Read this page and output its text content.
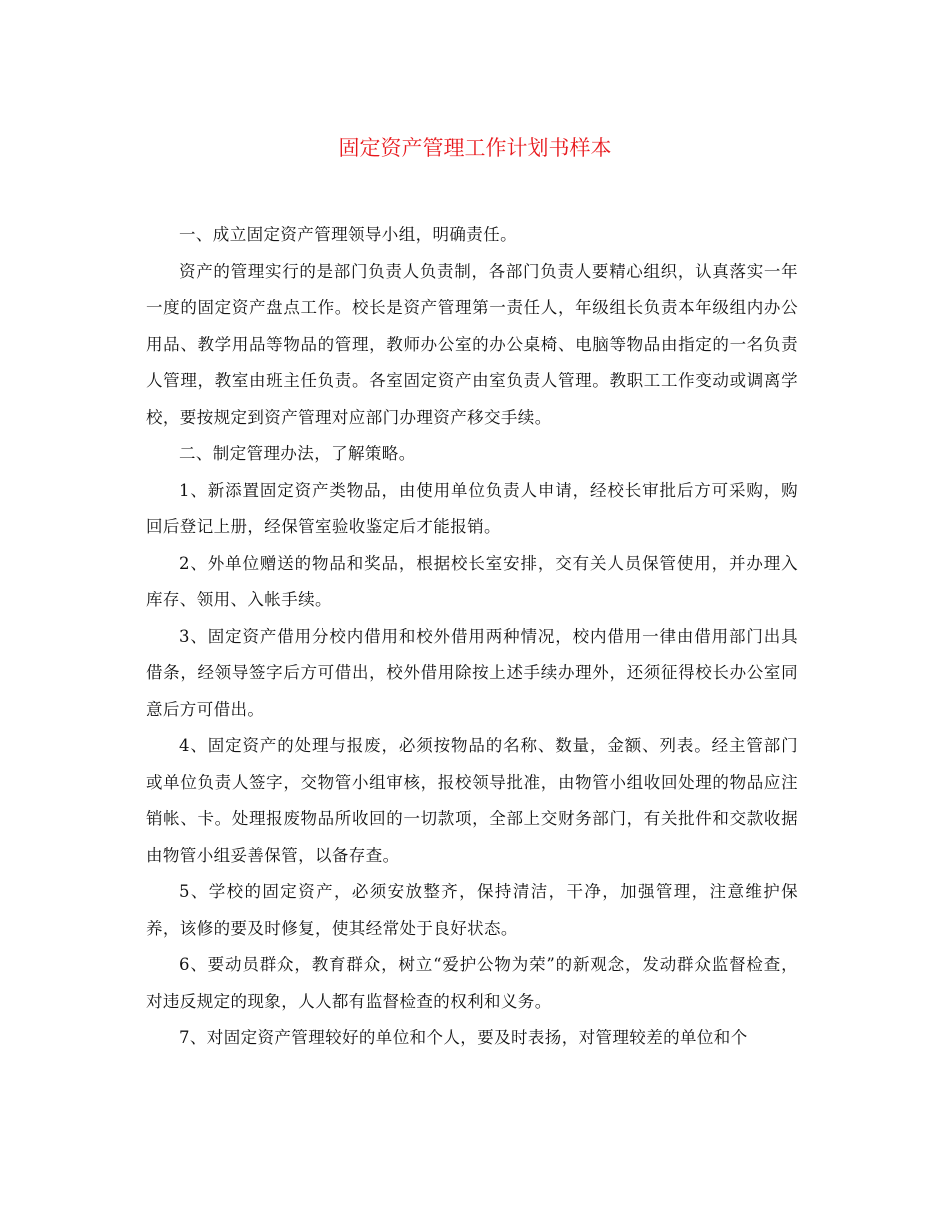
固定资产管理工作计划书样本

一、成立固定资产管理领导小组，明确责任。

资产的管理实行的是部门负责人负责制，各部门负责人要精心组织，认真落实一年一度的固定资产盘点工作。校长是资产管理第一责任人，年级组长负责本年级组内办公用品、教学用品等物品的管理，教师办公室的办公桌椅、电脑等物品由指定的一名负责人管理，教室由班主任负责。各室固定资产由室负责人管理。教职工工作变动或调离学校，要按规定到资产管理对应部门办理资产移交手续。

二、制定管理办法，了解策略。

1、新添置固定资产类物品，由使用单位负责人申请，经校长审批后方可采购，购回后登记上册，经保管室验收鉴定后才能报销。

2、外单位赠送的物品和奖品，根据校长室安排，交有关人员保管使用，并办理入库存、领用、入帐手续。

3、固定资产借用分校内借用和校外借用两种情况，校内借用一律由借用部门出具借条，经领导签字后方可借出，校外借用除按上述手续办理外，还须征得校长办公室同意后方可借出。

4、固定资产的处理与报废，必须按物品的名称、数量，金额、列表。经主管部门或单位负责人签字，交物管小组审核，报校领导批准，由物管小组收回处理的物品应注销帐、卡。处理报废物品所收回的一切款项，全部上交财务部门，有关批件和交款收据由物管小组妥善保管，以备存查。

5、学校的固定资产，必须安放整齐，保持清洁，干净，加强管理，注意维护保养，该修的要及时修复，使其经常处于良好状态。

6、要动员群众，教育群众，树立“爱护公物为荣”的新观念，发动群众监督检查，对违反规定的现象，人人都有监督检查的权利和义务。

7、对固定资产管理较好的单位和个人，要及时表扬，对管理较差的单位和个
